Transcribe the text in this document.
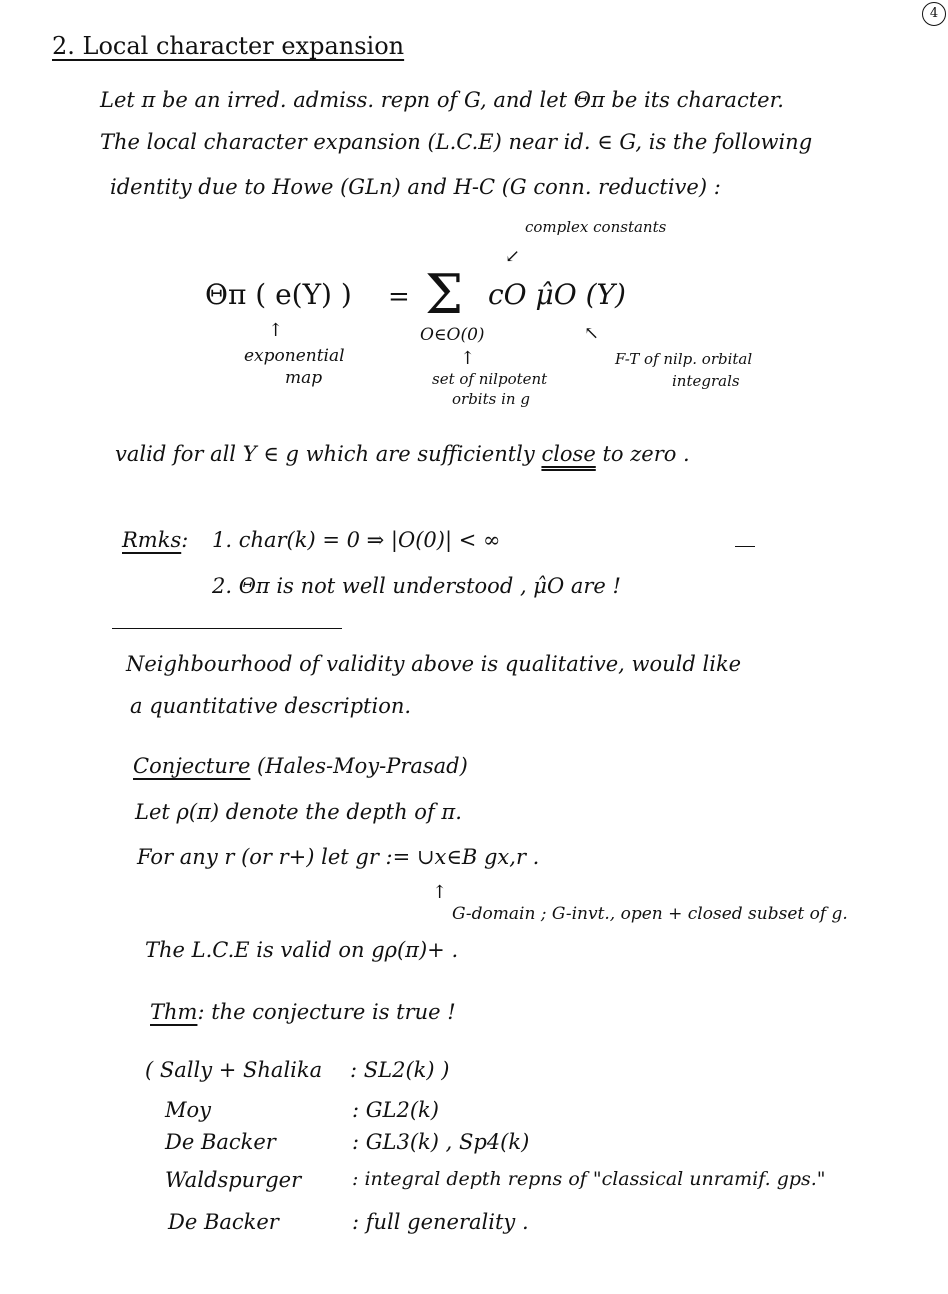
4
2. Local character expansion
Let π be an irred. admiss. repn of G, and let Θπ be its character.
The local character expansion (L.C.E) near id. ∈ G, is the following
identity due to Howe (GLn) and H-C (G conn. reductive) :
complex constants
↙
Θπ ( e(Y) ) = Σ cO μ̂O (Y)
O∈O(0)
↑
exponential
map
↑
set of nilpotent
orbits in g
↖
F-T of nilp. orbital
integrals
valid for all Y ∈ g which are sufficiently close to zero .
Rmks: 1. char(k) = 0 ⇒ |O(0)| < ∞
2. Θπ is not well understood , μ̂O are !
Neighbourhood of validity above is qualitative, would like
a quantitative description.
Conjecture (Hales-Moy-Prasad)
Let ρ(π) denote the depth of π.
For any r (or r+) let gr := ∪x∈B gx,r .
↑
G-domain ; G-invt., open + closed subset of g.
The L.C.E is valid on gρ(π)+ .
Thm: the conjecture is true !
( Sally + Shalika : SL2(k) )
Moy	: GL2(k)
De Backer	: GL3(k) , Sp4(k)
Waldspurger	: integral depth repns of "classical unramif. gps."
De Backer	: full generality .
